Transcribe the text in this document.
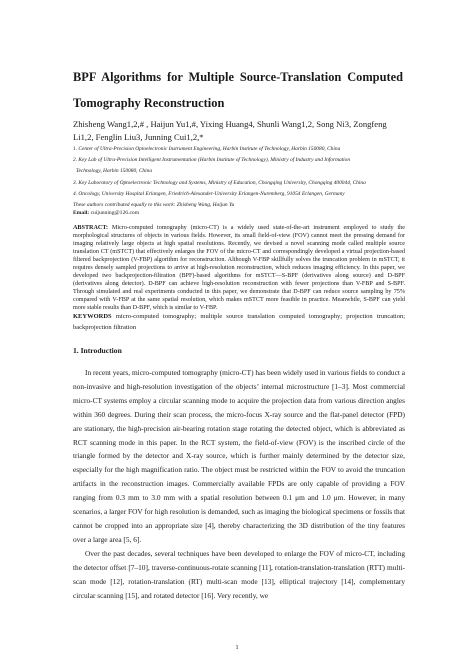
BPF Algorithms for Multiple Source-Translation Computed
Tomography Reconstruction
Zhisheng Wang1,2,# , Haijun Yu1,#, Yixing Huang4, Shunli Wang1,2, Song Ni3, Zongfeng Li1,2, Fenglin Liu3, Junning Cui1,2,*
1. Center of Ultra-Precision Optoelectronic Instrument Engineering, Harbin Institute of Technology, Harbin 150080, China
2. Key Lab of Ultra-Precision Intelligent Instrumentation (Harbin Institute of Technology), Ministry of Industry and Information
Technology, Harbin 150080, China
3. Key Laboratory of Optoelectronic Technology and Systems, Ministry of Education, Chongqing University, Chongqing 400044, China
4. Oncology, University Hospital Erlangen, Friedrich-Alexander-University Erlangen-Nuremberg, 91054 Erlangen, Germany
These authors contributed equally to this work: Zhisheng Wang, Haijun Yu
Email: cuijunning@126.com
ABSTRACT: Micro-computed tomography (micro-CT) is a widely used state-of-the-art instrument employed to study the morphological structures of objects in various fields. However, its small field-of-view (FOV) cannot meet the pressing demand for imaging relatively large objects at high spatial resolutions. Recently, we devised a novel scanning mode called multiple source translation CT (mSTCT) that effectively enlarges the FOV of the micro-CT and correspondingly developed a virtual projection-based filtered backprojection (V-FBP) algorithm for reconstruction. Although V-FBP skillfully solves the truncation problem in mSTCT, it requires densely sampled projections to arrive at high-resolution reconstruction, which reduces imaging efficiency. In this paper, we developed two backprojection-filtration (BPF)-based algorithms for mSTCT—S-BPF (derivatives along source) and D-BPF (derivatives along detector). D-BPF can achieve high-resolution reconstruction with fewer projections than V-FBP and S-BPF. Through simulated and real experiments conducted in this paper, we demonstrate that D-BPF can reduce source sampling by 75% compared with V-FBP at the same spatial resolution, which makes mSTCT more feasible in practice. Meanwhile, S-BPF can yield more stable results than D-BPF, which is similar to V-FBP.
KEYWORDS micro-computed tomography; multiple source translation computed tomography; projection truncation; backprojection filtration
1. Introduction

In recent years, micro-computed tomography (micro-CT) has been widely used in various fields to conduct a non-invasive and high-resolution investigation of the objects’ internal microstructure [1–3]. Most commercial micro-CT systems employ a circular scanning mode to acquire the projection data from various direction angles within 360 degrees. During their scan process, the micro-focus X-ray source and the flat-panel detector (FPD) are stationary, the high-precision air-bearing rotation stage rotating the detected object, which is abbreviated as RCT scanning mode in this paper. In the RCT system, the field-of-view (FOV) is the inscribed circle of the triangle formed by the detector and X-ray source, which is further mainly determined by the detector size, especially for the high magnification ratio. The object must be restricted within the FOV to avoid the truncation artifacts in the reconstruction images. Commercially available FPDs are only capable of providing a FOV ranging from 0.3 mm to 3.0 mm with a spatial resolution between 0.1 μm and 1.0 μm. However, in many scenarios, a larger FOV for high resolution is demanded, such as imaging the biological specimens or fossils that cannot be cropped into an appropriate size [4], thereby characterizing the 3D distribution of the tiny features over a large area [5, 6].

Over the past decades, several techniques have been developed to enlarge the FOV of micro-CT, including the detector offset [7–10], traverse-continuous-rotate scanning [11], rotation-translation-translation (RTT) multi-scan mode [12], rotation-translation (RT) multi-scan mode [13], elliptical trajectory [14], complementary circular scanning [15], and rotated detector [16]. Very recently, we

1
